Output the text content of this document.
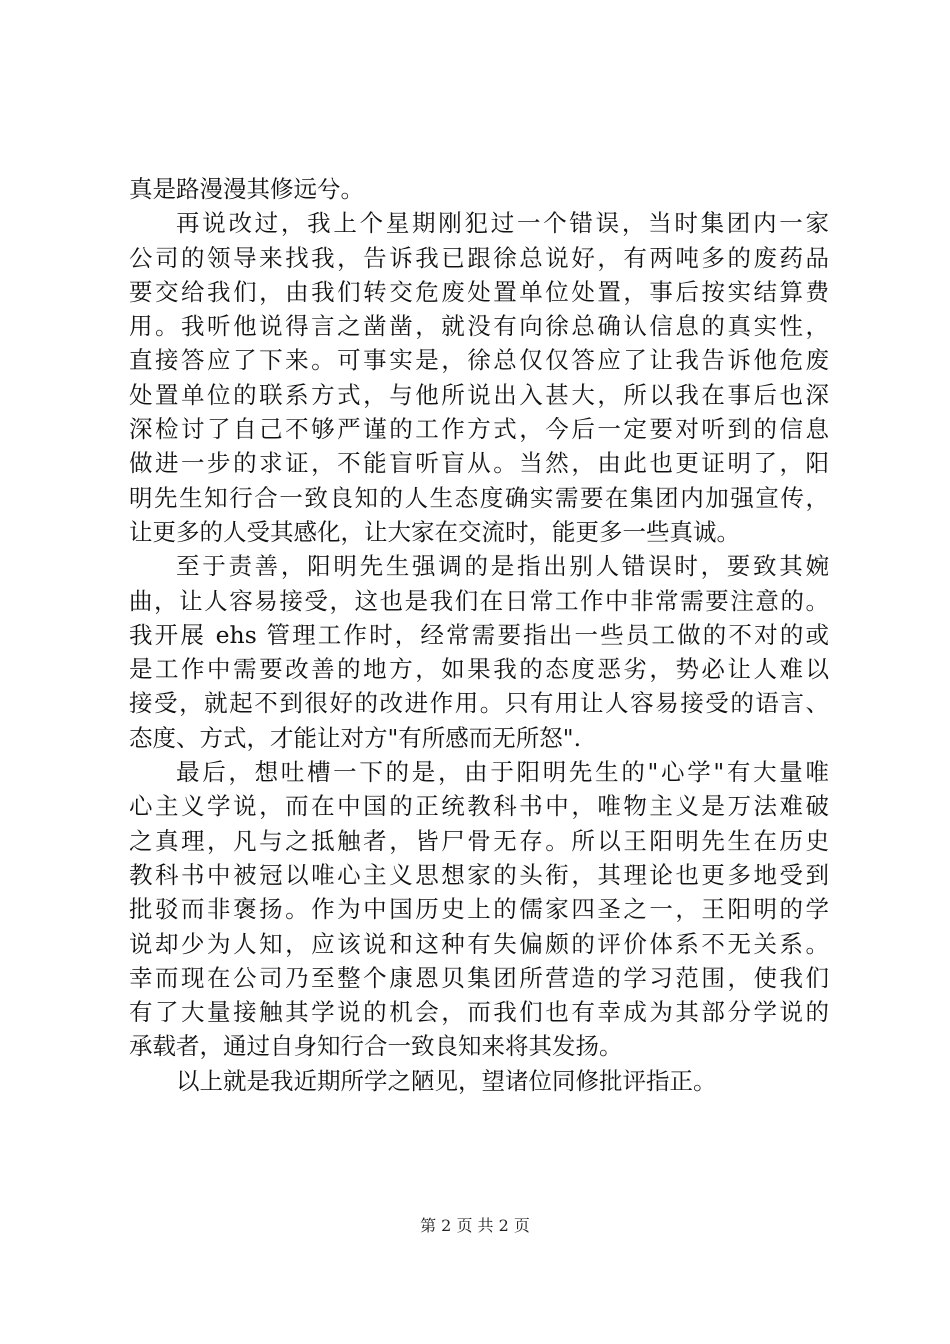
真是路漫漫其修远兮。
再说改过，我上个星期刚犯过一个错误，当时集团内一家
公司的领导来找我，告诉我已跟徐总说好，有两吨多的废药品
要交给我们，由我们转交危废处置单位处置，事后按实结算费
用。我听他说得言之凿凿，就没有向徐总确认信息的真实性，
直接答应了下来。可事实是，徐总仅仅答应了让我告诉他危废
处置单位的联系方式，与他所说出入甚大，所以我在事后也深
深检讨了自己不够严谨的工作方式，今后一定要对听到的信息
做进一步的求证，不能盲听盲从。当然，由此也更证明了，阳
明先生知行合一致良知的人生态度确实需要在集团内加强宣传，
让更多的人受其感化，让大家在交流时，能更多一些真诚。
至于责善，阳明先生强调的是指出别人错误时，要致其婉
曲，让人容易接受，这也是我们在日常工作中非常需要注意的。
我开展 ehs 管理工作时，经常需要指出一些员工做的不对的或
是工作中需要改善的地方，如果我的态度恶劣，势必让人难以
接受，就起不到很好的改进作用。只有用让人容易接受的语言、
态度、方式，才能让对方"有所感而无所怒".
最后，想吐槽一下的是，由于阳明先生的"心学"有大量唯
心主义学说，而在中国的正统教科书中，唯物主义是万法难破
之真理，凡与之抵触者，皆尸骨无存。所以王阳明先生在历史
教科书中被冠以唯心主义思想家的头衔，其理论也更多地受到
批驳而非褒扬。作为中国历史上的儒家四圣之一，王阳明的学
说却少为人知，应该说和这种有失偏颇的评价体系不无关系。
幸而现在公司乃至整个康恩贝集团所营造的学习范围，使我们
有了大量接触其学说的机会，而我们也有幸成为其部分学说的
承载者，通过自身知行合一致良知来将其发扬。
以上就是我近期所学之陋见，望诸位同修批评指正。
第 2 页 共 2 页
